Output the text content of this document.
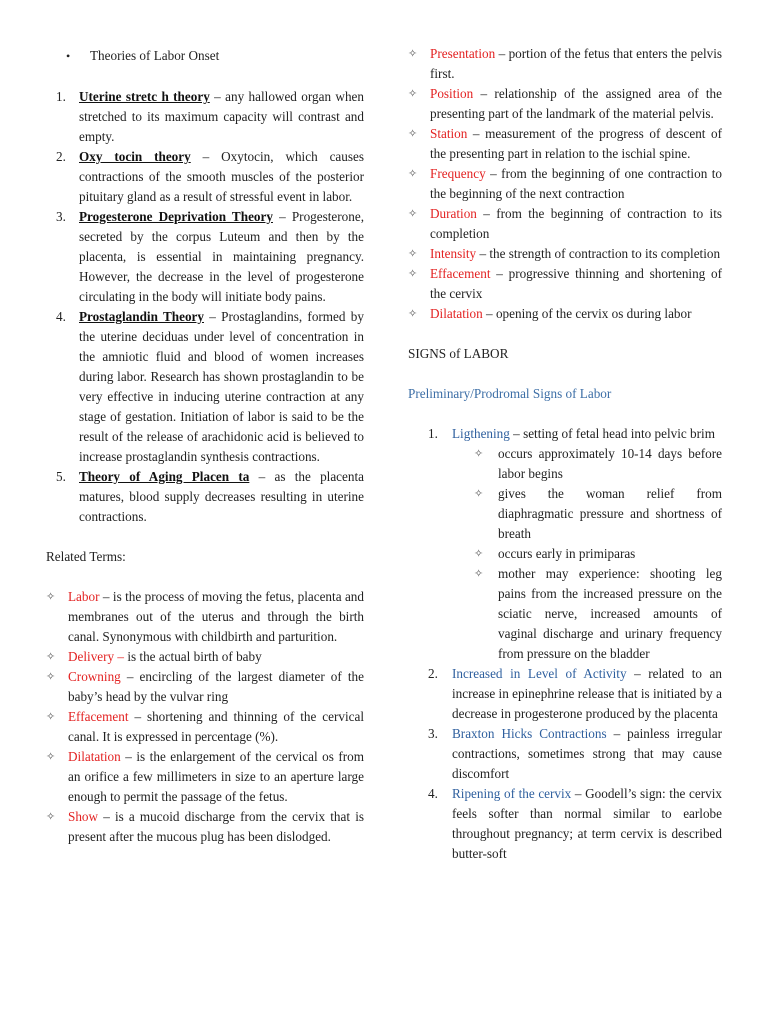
• Theories of Labor Onset
1. Uterine stretc h theory – any hallowed organ when stretched to its maximum capacity will contrast and empty.
2. Oxy tocin theory – Oxytocin, which causes contractions of the smooth muscles of the posterior pituitary gland as a result of stressful event in labor.
3. Progesterone Deprivation Theory – Progesterone, secreted by the corpus Luteum and then by the placenta, is essential in maintaining pregnancy. However, the decrease in the level of progesterone circulating in the body will initiate body pains.
4. Prostaglandin Theory – Prostaglandins, formed by the uterine deciduas under level of concentration in the amniotic fluid and blood of women increases during labor. Research has shown prostaglandin to be very effective in inducing uterine contraction at any stage of gestation. Initiation of labor is said to be the result of the release of arachidonic acid is believed to increase prostaglandin synthesis contractions.
5. Theory of Aging Placen ta – as the placenta matures, blood supply decreases resulting in uterine contractions.
Related Terms:
✧ Labor – is the process of moving the fetus, placenta and membranes out of the uterus and through the birth canal. Synonymous with childbirth and parturition.
✧ Delivery – is the actual birth of baby
✧ Crowning – encircling of the largest diameter of the baby’s head by the vulvar ring
✧ Effacement – shortening and thinning of the cervical canal. It is expressed in percentage (%).
✧ Dilatation – is the enlargement of the cervical os from an orifice a few millimeters in size to an aperture large enough to permit the passage of the fetus.
✧ Show – is a mucoid discharge from the cervix that is present after the mucous plug has been dislodged.
✧ Presentation – portion of the fetus that enters the pelvis first.
✧ Position – relationship of the assigned area of the presenting part of the landmark of the material pelvis.
✧ Station – measurement of the progress of descent of the presenting part in relation to the ischial spine.
✧ Frequency – from the beginning of one contraction to the beginning of the next contraction
✧ Duration – from the beginning of contraction to its completion
✧ Intensity – the strength of contraction to its completion
✧ Effacement – progressive thinning and shortening of the cervix
✧ Dilatation – opening of the cervix os during labor
SIGNS of LABOR
Preliminary/Prodromal Signs of Labor
1. Ligthening – setting of fetal head into pelvic brim
✧ occurs approximately 10-14 days before labor begins
✧ gives the woman relief from diaphragmatic pressure and shortness of breath
✧ occurs early in primiparas
✧ mother may experience: shooting leg pains from the increased pressure on the sciatic nerve, increased amounts of vaginal discharge and urinary frequency from pressure on the bladder
2. Increased in Level of Activity – related to an increase in epinephrine release that is initiated by a decrease in progesterone produced by the placenta
3. Braxton Hicks Contractions – painless irregular contractions, sometimes strong that may cause discomfort
4. Ripening of the cervix – Goodell’s sign: the cervix feels softer than normal similar to earlobe throughout pregnancy; at term cervix is described butter-soft
